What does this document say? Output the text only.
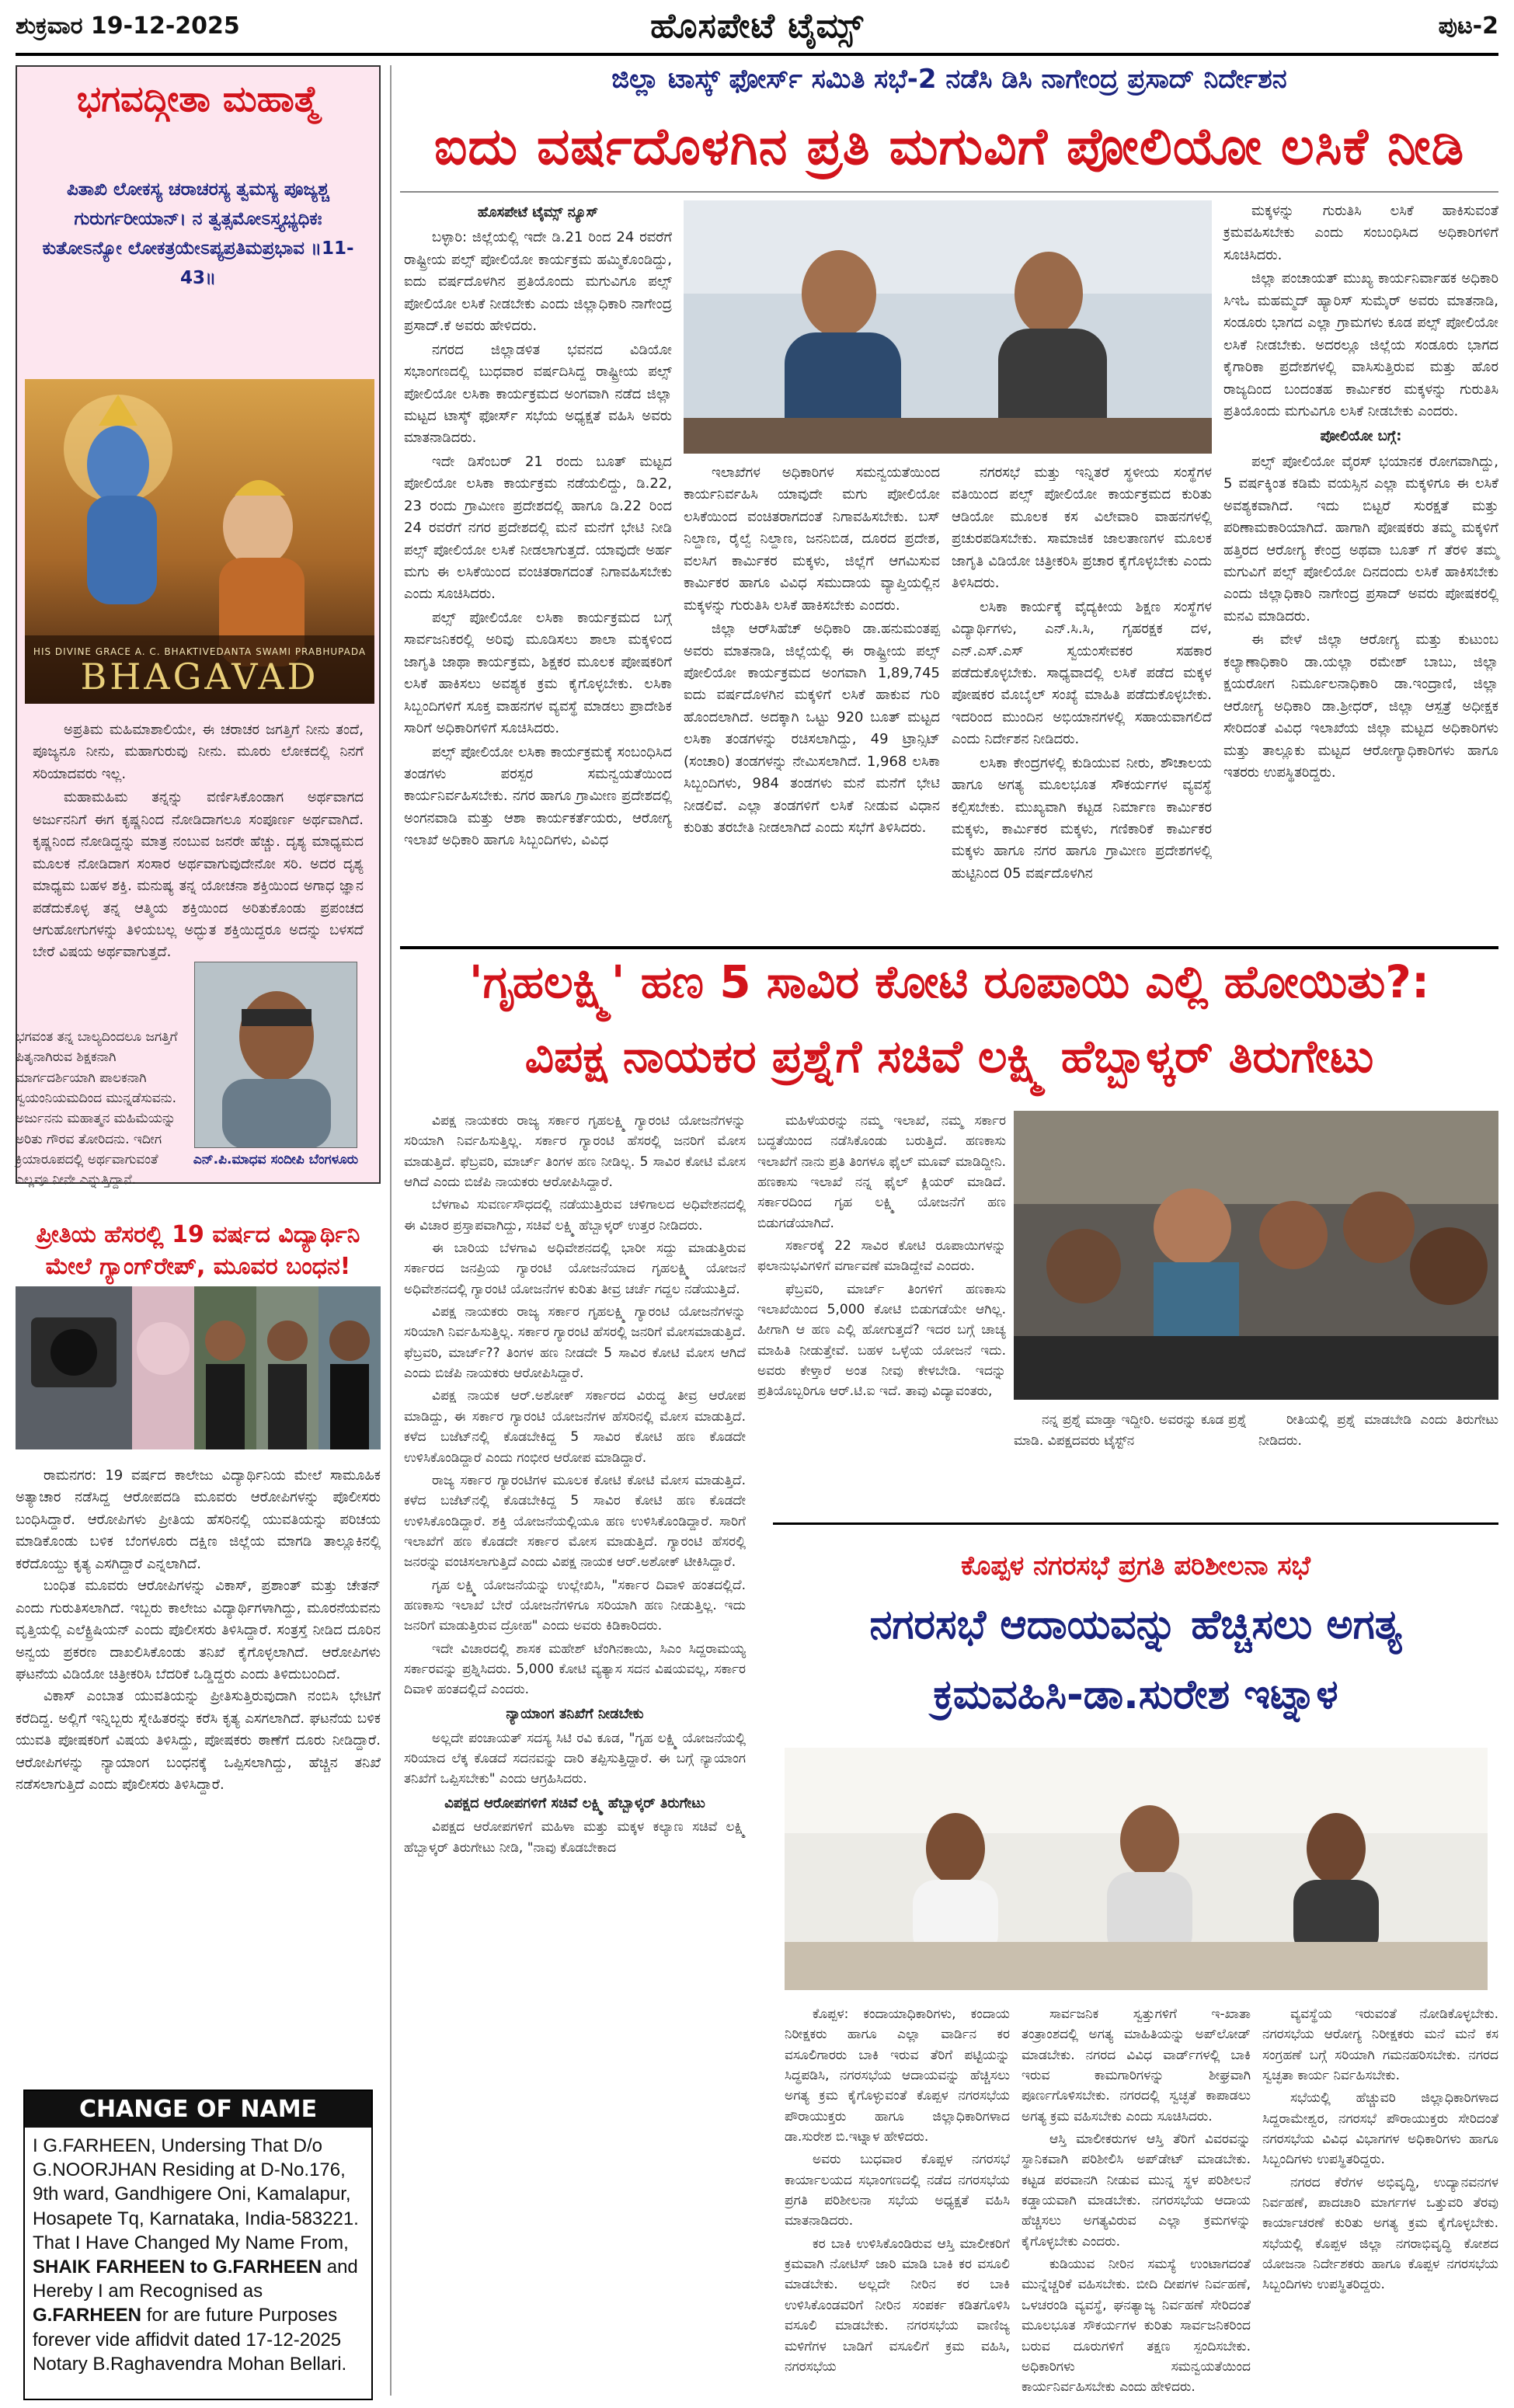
ಶುಕ್ರವಾರ 19-12-2025	ಹೊಸಪೇಟೆ ಟೈಮ್ಸ್	ಪುಟ-2
ಭಗವದ್ಗೀತಾ ಮಹಾತ್ಮೆ
ಪಿತಾಖಿ ಲೋಕಸ್ಯ ಚರಾಚರಸ್ಯ ತ್ವಮಸ್ಯ ಪೂಜ್ಯಶ್ಚ ಗುರುರ್ಗರೀಯಾನ್। ನ ತ್ವತ್ಸಮೋಽಸ್ತ್ಯಭ್ಯಧಿಕಃ ಕುತೋಽನ್ಯೋ ಲೋಕತ್ರಯೇಽಪ್ಯಪ್ರತಿಮಪ್ರಭಾವ ॥11-43॥
HIS DIVINE GRACE A. C. BHAKTIVEDANTA SWAMI PRABHUPADA
BHAGAVAD

ಅಪ್ರತಿಮ ಮಹಿಮಾಶಾಲಿಯೇ, ಈ ಚರಾಚರ ಜಗತ್ತಿಗೆ ನೀನು ತಂದೆ, ಪೂಜ್ಯನೂ ನೀನು, ಮಹಾಗುರುವು ನೀನು. ಮೂರು ಲೋಕದಲ್ಲಿ ನಿನಗೆ ಸರಿಯಾದವರು ಇಲ್ಲ.

ಮಹಾಮಹಿಮ ತನ್ನನ್ನು ವರ್ಣಿಸಿಕೊಂಡಾಗ ಅರ್ಥವಾಗದ ಅರ್ಜುನನಿಗೆ ಈಗ ಕೃಷ್ಣನಿಂದ ನೋಡಿದಾಗಲೂ ಸಂಪೂರ್ಣ ಅರ್ಥವಾಗಿದೆ. ಕೃಷ್ಣನಿಂದ ನೋಡಿದ್ದನ್ನು ಮಾತ್ರ ನಂಬುವ ಜನರೇ ಹೆಚ್ಚು. ದೃಶ್ಯ ಮಾಧ್ಯಮದ ಮೂಲಕ ನೋಡಿದಾಗ ಸಂಸಾರ ಅರ್ಥವಾಗುವುದೇನೋ ಸರಿ. ಅದರ ದೃಶ್ಯ ಮಾಧ್ಯಮ ಬಹಳ ಶಕ್ತಿ. ಮನುಷ್ಯ ತನ್ನ ಯೋಚನಾ ಶಕ್ತಿಯಿಂದ ಅಗಾಧ ಜ್ಞಾನ ಪಡೆದುಕೊಳ್ಳ ತನ್ನ ಆತ್ಮಿಯ ಶಕ್ತಿಯಿಂದ ಅರಿತುಕೊಂಡು ಪ್ರಪಂಚದ ಆಗುಹೋಗುಗಳನ್ನು ತಿಳಿಯಬಲ್ಲ ಅದ್ಭುತ ಶಕ್ತಿಯಿದ್ದರೂ ಅದನ್ನು ಬಳಸದೆ ಬೇರೆ ವಿಷಯ ಅರ್ಥವಾಗುತ್ತದೆ.

ಭಗವಂತ ತನ್ನ ಬಾಲ್ಯದಿಂದಲೂ ಜಗತ್ತಿಗೆ ಪಿತೃನಾಗಿರುವ ಶಿಕ್ಷಕನಾಗಿ ಮಾರ್ಗದರ್ಶಿಯಾಗಿ ಪಾಲಕನಾಗಿ ಸ್ವಯಂನಿಯಮದಿಂದ ಮುನ್ನಡೆಸುವನು. ಅರ್ಜುನನು ಮಹಾತ್ಮನ ಮಹಿಮೆಯನ್ನು ಅರಿತು ಗೌರವ ತೋರಿದನು. ಇದೀಗ ಕ್ರಿಯಾರೂಪದಲ್ಲಿ ಅರ್ಥವಾಗುವಂತೆ ಎಲ್ಲವೂ ನೀನೇ ಎನ್ನುತ್ತಿದ್ದಾನೆ.
ಎನ್.ಪಿ.ಮಾಧವ ಸಂದೀಪಿ ಬೆಂಗಳೂರು
ಪ್ರೀತಿಯ ಹೆಸರಲ್ಲಿ 19 ವರ್ಷದ ವಿದ್ಯಾರ್ಥಿನಿ ಮೇಲೆ ಗ್ಯಾಂಗ್‌ರೇಪ್, ಮೂವರ ಬಂಧನ!

ರಾಮನಗರ: 19 ವರ್ಷದ ಕಾಲೇಜು ವಿದ್ಯಾರ್ಥಿನಿಯ ಮೇಲೆ ಸಾಮೂಹಿಕ ಅತ್ಯಾಚಾರ ನಡೆಸಿದ್ದ ಆರೋಪದಡಿ ಮೂವರು ಆರೋಪಿಗಳನ್ನು ಪೊಲೀಸರು ಬಂಧಿಸಿದ್ದಾರೆ. ಆರೋಪಿಗಳು ಪ್ರೀತಿಯ ಹೆಸರಿನಲ್ಲಿ ಯುವತಿಯನ್ನು ಪರಿಚಯ ಮಾಡಿಕೊಂಡು ಬಳಿಕ ಬೆಂಗಳೂರು ದಕ್ಷಿಣ ಜಿಲ್ಲೆಯ ಮಾಗಡಿ ತಾಲ್ಲೂಕಿನಲ್ಲಿ ಕರೆದೊಯ್ದು ಕೃತ್ಯ ಎಸಗಿದ್ದಾರೆ ಎನ್ನಲಾಗಿದೆ.

ಬಂಧಿತ ಮೂವರು ಆರೋಪಿಗಳನ್ನು ವಿಕಾಸ್, ಪ್ರಶಾಂತ್ ಮತ್ತು ಚೇತನ್ ಎಂದು ಗುರುತಿಸಲಾಗಿದೆ. ಇಬ್ಬರು ಕಾಲೇಜು ವಿದ್ಯಾರ್ಥಿಗಳಾಗಿದ್ದು, ಮೂರನೆಯವನು ವೃತ್ತಿಯಲ್ಲಿ ಎಲೆಕ್ಟ್ರಿಷಿಯನ್ ಎಂದು ಪೊಲೀಸರು ತಿಳಿಸಿದ್ದಾರೆ. ಸಂತ್ರಸ್ತೆ ನೀಡಿದ ದೂರಿನ ಅನ್ವಯ ಪ್ರಕರಣ ದಾಖಲಿಸಿಕೊಂಡು ತನಿಖೆ ಕೈಗೊಳ್ಳಲಾಗಿದೆ. ಆರೋಪಿಗಳು ಘಟನೆಯ ವಿಡಿಯೋ ಚಿತ್ರೀಕರಿಸಿ ಬೆದರಿಕೆ ಒಡ್ಡಿದ್ದರು ಎಂದು ತಿಳಿದುಬಂದಿದೆ.

ವಿಕಾಸ್ ಎಂಬಾತ ಯುವತಿಯನ್ನು ಪ್ರೀತಿಸುತ್ತಿರುವುದಾಗಿ ನಂಬಿಸಿ ಭೇಟಿಗೆ ಕರೆದಿದ್ದ. ಅಲ್ಲಿಗೆ ಇನ್ನಿಬ್ಬರು ಸ್ನೇಹಿತರನ್ನು ಕರೆಸಿ ಕೃತ್ಯ ಎಸಗಲಾಗಿದೆ. ಘಟನೆಯ ಬಳಿಕ ಯುವತಿ ಪೋಷಕರಿಗೆ ವಿಷಯ ತಿಳಿಸಿದ್ದು, ಪೋಷಕರು ಠಾಣೆಗೆ ದೂರು ನೀಡಿದ್ದಾರೆ. ಆರೋಪಿಗಳನ್ನು ನ್ಯಾಯಾಂಗ ಬಂಧನಕ್ಕೆ ಒಪ್ಪಿಸಲಾಗಿದ್ದು, ಹೆಚ್ಚಿನ ತನಿಖೆ ನಡೆಸಲಾಗುತ್ತಿದೆ ಎಂದು ಪೊಲೀಸರು ತಿಳಿಸಿದ್ದಾರೆ.

CHANGE OF NAME
I G.FARHEEN, Undersing That D/o G.NOORJHAN Residing at D-No.176, 9th ward, Gandhigere Oni, Kamalapur, Hosapete Tq, Karnataka, India-583221. That I Have Changed My Name From, SHAIK FARHEEN to G.FARHEEN and Hereby I am Recognised as G.FARHEEN for are future Purposes forever vide affidvit dated 17-12-2025 Notary B.Raghavendra Mohan Bellari.
ಜಿಲ್ಲಾ ಟಾಸ್ಕ್ ಫೋರ್ಸ್ ಸಮಿತಿ ಸಭೆ-2 ನಡೆಸಿ ಡಿಸಿ ನಾಗೇಂದ್ರ ಪ್ರಸಾದ್ ನಿರ್ದೇಶನ
ಐದು ವರ್ಷದೊಳಗಿನ ಪ್ರತಿ ಮಗುವಿಗೆ ಪೋಲಿಯೋ ಲಸಿಕೆ ನೀಡಿ
ಹೊಸಪೇಟೆ ಟೈಮ್ಸ್ ನ್ಯೂಸ್

ಬಳ್ಳಾರಿ: ಜಿಲ್ಲೆಯಲ್ಲಿ ಇದೇ ಡಿ.21 ರಿಂದ 24 ರವರೆಗೆ ರಾಷ್ಟ್ರೀಯ ಪಲ್ಸ್ ಪೋಲಿಯೋ ಕಾರ್ಯಕ್ರಮ ಹಮ್ಮಿಕೊಂಡಿದ್ದು, ಐದು ವರ್ಷದೊಳಗಿನ ಪ್ರತಿಯೊಂದು ಮಗುವಿಗೂ ಪಲ್ಸ್ ಪೋಲಿಯೋ ಲಸಿಕೆ ನೀಡಬೇಕು ಎಂದು ಜಿಲ್ಲಾಧಿಕಾರಿ ನಾಗೇಂದ್ರ ಪ್ರಸಾದ್.ಕೆ ಅವರು ಹೇಳಿದರು.

ನಗರದ ಜಿಲ್ಲಾಡಳಿತ ಭವನದ ವಿಡಿಯೋ ಸಭಾಂಗಣದಲ್ಲಿ ಬುಧವಾರ ವರ್ಷದಿಸಿದ್ದ ರಾಷ್ಟ್ರೀಯ ಪಲ್ಸ್ ಪೋಲಿಯೋ ಲಸಿಕಾ ಕಾರ್ಯಕ್ರಮದ ಅಂಗವಾಗಿ ನಡೆದ ಜಿಲ್ಲಾ ಮಟ್ಟದ ಟಾಸ್ಕ್ ಫೋರ್ಸ್ ಸಭೆಯ ಅಧ್ಯಕ್ಷತೆ ವಹಿಸಿ ಅವರು ಮಾತನಾಡಿದರು.

ಇದೇ ಡಿಸೆಂಬರ್ 21 ರಂದು ಬೂತ್ ಮಟ್ಟದ ಪೋಲಿಯೋ ಲಸಿಕಾ ಕಾರ್ಯಕ್ರಮ ನಡೆಯಲಿದ್ದು, ಡಿ.22, 23 ರಂದು ಗ್ರಾಮೀಣ ಪ್ರದೇಶದಲ್ಲಿ ಹಾಗೂ ಡಿ.22 ರಿಂದ 24 ರವರೆಗೆ ನಗರ ಪ್ರದೇಶದಲ್ಲಿ ಮನೆ ಮನೆಗೆ ಭೇಟಿ ನೀಡಿ ಪಲ್ಸ್ ಪೋಲಿಯೋ ಲಸಿಕೆ ನೀಡಲಾಗುತ್ತದೆ. ಯಾವುದೇ ಅರ್ಹ ಮಗು ಈ ಲಸಿಕೆಯಿಂದ ವಂಚಿತರಾಗದಂತೆ ನಿಗಾವಹಿಸಬೇಕು ಎಂದು ಸೂಚಿಸಿದರು.

ಪಲ್ಸ್ ಪೋಲಿಯೋ ಲಸಿಕಾ ಕಾರ್ಯಕ್ರಮದ ಬಗ್ಗೆ ಸಾರ್ವಜನಿಕರಲ್ಲಿ ಅರಿವು ಮೂಡಿಸಲು ಶಾಲಾ ಮಕ್ಕಳಿಂದ ಜಾಗೃತಿ ಜಾಥಾ ಕಾರ್ಯಕ್ರಮ, ಶಿಕ್ಷಕರ ಮೂಲಕ ಪೋಷಕರಿಗೆ ಲಸಿಕೆ ಹಾಕಿಸಲು ಅವಶ್ಯಕ ಕ್ರಮ ಕೈಗೊಳ್ಳಬೇಕು. ಲಸಿಕಾ ಸಿಬ್ಬಂದಿಗಳಿಗೆ ಸೂಕ್ತ ವಾಹನಗಳ ವ್ಯವಸ್ಥೆ ಮಾಡಲು ಪ್ರಾದೇಶಿಕ ಸಾರಿಗೆ ಅಧಿಕಾರಿಗಳಿಗೆ ಸೂಚಿಸಿದರು.

ಪಲ್ಸ್ ಪೋಲಿಯೋ ಲಸಿಕಾ ಕಾರ್ಯಕ್ರಮಕ್ಕೆ ಸಂಬಂಧಿಸಿದ ತಂಡಗಳು ಪರಸ್ಪರ ಸಮನ್ವಯತೆಯಿಂದ ಕಾರ್ಯನಿರ್ವಹಿಸಬೇಕು. ನಗರ ಹಾಗೂ ಗ್ರಾಮೀಣ ಪ್ರದೇಶದಲ್ಲಿ ಅಂಗನವಾಡಿ ಮತ್ತು ಆಶಾ ಕಾರ್ಯಕರ್ತೆಯರು, ಆರೋಗ್ಯ ಇಲಾಖೆ ಅಧಿಕಾರಿ ಹಾಗೂ ಸಿಬ್ಬಂದಿಗಳು, ವಿವಿಧ

ಇಲಾಖೆಗಳ ಅಧಿಕಾರಿಗಳ ಸಮನ್ವಯತೆಯಿಂದ ಕಾರ್ಯನಿರ್ವಹಿಸಿ ಯಾವುದೇ ಮಗು ಪೋಲಿಯೋ ಲಸಿಕೆಯಿಂದ ವಂಚಿತರಾಗದಂತೆ ನಿಗಾವಹಿಸಬೇಕು. ಬಸ್ ನಿಲ್ದಾಣ, ರೈಲ್ವೆ ನಿಲ್ದಾಣ, ಜನನಿಬಿಡ, ದೂರದ ಪ್ರದೇಶ, ವಲಸಿಗ ಕಾರ್ಮಿಕರ ಮಕ್ಕಳು, ಜಿಲ್ಲೆಗೆ ಆಗಮಿಸುವ ಕಾರ್ಮಿಕರ ಹಾಗೂ ವಿವಿಧ ಸಮುದಾಯ ವ್ಯಾಪ್ತಿಯಲ್ಲಿನ ಮಕ್ಕಳನ್ನು ಗುರುತಿಸಿ ಲಸಿಕೆ ಹಾಕಿಸಬೇಕು ಎಂದರು.

ಜಿಲ್ಲಾ ಆರ್‌ಸಿಹೆಚ್ ಅಧಿಕಾರಿ ಡಾ.ಹನುಮಂತಪ್ಪ ಅವರು ಮಾತನಾಡಿ, ಜಿಲ್ಲೆಯಲ್ಲಿ ಈ ರಾಷ್ಟ್ರೀಯ ಪಲ್ಸ್ ಪೋಲಿಯೋ ಕಾರ್ಯಕ್ರಮದ ಅಂಗವಾಗಿ 1,89,745 ಐದು ವರ್ಷದೊಳಗಿನ ಮಕ್ಕಳಿಗೆ ಲಸಿಕೆ ಹಾಕುವ ಗುರಿ ಹೊಂದಲಾಗಿದೆ. ಅದಕ್ಕಾಗಿ ಒಟ್ಟು 920 ಬೂತ್ ಮಟ್ಟದ ಲಸಿಕಾ ತಂಡಗಳನ್ನು ರಚಿಸಲಾಗಿದ್ದು, 49 ಟ್ರಾನ್ಸಿಟ್ (ಸಂಚಾರಿ) ತಂಡಗಳನ್ನು ನೇಮಿಸಲಾಗಿದೆ. 1,968 ಲಸಿಕಾ ಸಿಬ್ಬಂದಿಗಳು, 984 ತಂಡಗಳು ಮನೆ ಮನೆಗೆ ಭೇಟಿ ನೀಡಲಿವೆ. ಎಲ್ಲಾ ತಂಡಗಳಿಗೆ ಲಸಿಕೆ ನೀಡುವ ವಿಧಾನ ಕುರಿತು ತರಬೇತಿ ನೀಡಲಾಗಿದೆ ಎಂದು ಸಭೆಗೆ ತಿಳಿಸಿದರು.

ನಗರಸಭೆ ಮತ್ತು ಇನ್ನಿತರೆ ಸ್ಥಳೀಯ ಸಂಸ್ಥೆಗಳ ವತಿಯಿಂದ ಪಲ್ಸ್ ಪೋಲಿಯೋ ಕಾರ್ಯಕ್ರಮದ ಕುರಿತು ಆಡಿಯೋ ಮೂಲಕ ಕಸ ವಿಲೇವಾರಿ ವಾಹನಗಳಲ್ಲಿ ಪ್ರಚುರಪಡಿಸಬೇಕು. ಸಾಮಾಜಿಕ ಜಾಲತಾಣಗಳ ಮೂಲಕ ಜಾಗೃತಿ ವಿಡಿಯೋ ಚಿತ್ರೀಕರಿಸಿ ಪ್ರಚಾರ ಕೈಗೊಳ್ಳಬೇಕು ಎಂದು ತಿಳಿಸಿದರು.

ಲಸಿಕಾ ಕಾರ್ಯಕ್ಕೆ ವೈದ್ಯಕೀಯ ಶಿಕ್ಷಣ ಸಂಸ್ಥೆಗಳ ವಿದ್ಯಾರ್ಥಿಗಳು, ಎನ್.ಸಿ.ಸಿ, ಗೃಹರಕ್ಷಕ ದಳ, ಎನ್.ಎಸ್.ಎಸ್ ಸ್ವಯಂಸೇವಕರ ಸಹಕಾರ ಪಡೆದುಕೊಳ್ಳಬೇಕು. ಸಾಧ್ಯವಾದಲ್ಲಿ ಲಸಿಕೆ ಪಡೆದ ಮಕ್ಕಳ ಪೋಷಕರ ಮೊಬೈಲ್ ಸಂಖ್ಯೆ ಮಾಹಿತಿ ಪಡೆದುಕೊಳ್ಳಬೇಕು. ಇದರಿಂದ ಮುಂದಿನ ಅಭಿಯಾನಗಳಲ್ಲಿ ಸಹಾಯವಾಗಲಿದೆ ಎಂದು ನಿರ್ದೇಶನ ನೀಡಿದರು.

ಲಸಿಕಾ ಕೇಂದ್ರಗಳಲ್ಲಿ ಕುಡಿಯುವ ನೀರು, ಶೌಚಾಲಯ ಹಾಗೂ ಅಗತ್ಯ ಮೂಲಭೂತ ಸೌಕರ್ಯಗಳ ವ್ಯವಸ್ಥೆ ಕಲ್ಪಿಸಬೇಕು. ಮುಖ್ಯವಾಗಿ ಕಟ್ಟಡ ನಿರ್ಮಾಣ ಕಾರ್ಮಿಕರ ಮಕ್ಕಳು, ಕಾರ್ಮಿಕರ ಮಕ್ಕಳು, ಗಣಿಕಾರಿಕೆ ಕಾರ್ಮಿಕರ ಮಕ್ಕಳು ಹಾಗೂ ನಗರ ಹಾಗೂ ಗ್ರಾಮೀಣ ಪ್ರದೇಶಗಳಲ್ಲಿ ಹುಟ್ಟಿನಿಂದ 05 ವರ್ಷದೊಳಗಿನ

ಮಕ್ಕಳನ್ನು ಗುರುತಿಸಿ ಲಸಿಕೆ ಹಾಕಿಸುವಂತೆ ಕ್ರಮವಹಿಸಬೇಕು ಎಂದು ಸಂಬಂಧಿಸಿದ ಅಧಿಕಾರಿಗಳಿಗೆ ಸೂಚಿಸಿದರು.

ಜಿಲ್ಲಾ ಪಂಚಾಯತ್ ಮುಖ್ಯ ಕಾರ್ಯನಿರ್ವಾಹಕ ಅಧಿಕಾರಿ ಸಿಇಓ ಮಹಮ್ಮದ್ ಹ್ಯಾರಿಸ್ ಸುಮೈರ್ ಅವರು ಮಾತನಾಡಿ, ಸಂಡೂರು ಭಾಗದ ಎಲ್ಲಾ ಗ್ರಾಮಗಳು ಕೂಡ ಪಲ್ಸ್ ಪೋಲಿಯೋ ಲಸಿಕೆ ನೀಡಬೇಕು. ಅದರಲ್ಲೂ ಜಿಲ್ಲೆಯ ಸಂಡೂರು ಭಾಗದ ಕೈಗಾರಿಕಾ ಪ್ರದೇಶಗಳಲ್ಲಿ ವಾಸಿಸುತ್ತಿರುವ ಮತ್ತು ಹೊರ ರಾಜ್ಯದಿಂದ ಬಂದಂತಹ ಕಾರ್ಮಿಕರ ಮಕ್ಕಳನ್ನು ಗುರುತಿಸಿ ಪ್ರತಿಯೊಂದು ಮಗುವಿಗೂ ಲಸಿಕೆ ನೀಡಬೇಕು ಎಂದರು.

ಪೋಲಿಯೋ ಬಗ್ಗೆ:

ಪಲ್ಸ್ ಪೋಲಿಯೋ ವೈರಸ್ ಭಯಾನಕ ರೋಗವಾಗಿದ್ದು, 5 ವರ್ಷಕ್ಕಿಂತ ಕಡಿಮೆ ವಯಸ್ಸಿನ ಎಲ್ಲಾ ಮಕ್ಕಳಿಗೂ ಈ ಲಸಿಕೆ ಅವಶ್ಯಕವಾಗಿದೆ. ಇದು ಬಿಟ್ಟರೆ ಸುರಕ್ಷತೆ ಮತ್ತು ಪರಿಣಾಮಕಾರಿಯಾಗಿದೆ. ಹಾಗಾಗಿ ಪೋಷಕರು ತಮ್ಮ ಮಕ್ಕಳಿಗೆ ಹತ್ತಿರದ ಆರೋಗ್ಯ ಕೇಂದ್ರ ಅಥವಾ ಬೂತ್ ಗೆ ತೆರಳಿ ತಮ್ಮ ಮಗುವಿಗೆ ಪಲ್ಸ್ ಪೋಲಿಯೋ ದಿನದಂದು ಲಸಿಕೆ ಹಾಕಿಸಬೇಕು ಎಂದು ಜಿಲ್ಲಾಧಿಕಾರಿ ನಾಗೇಂದ್ರ ಪ್ರಸಾದ್ ಅವರು ಪೋಷಕರಲ್ಲಿ ಮನವಿ ಮಾಡಿದರು.

ಈ ವೇಳೆ ಜಿಲ್ಲಾ ಆರೋಗ್ಯ ಮತ್ತು ಕುಟುಂಬ ಕಲ್ಯಾಣಾಧಿಕಾರಿ ಡಾ.ಯಲ್ಲಾ ರಮೇಶ್ ಬಾಬು, ಜಿಲ್ಲಾ ಕ್ಷಯರೋಗ ನಿರ್ಮೂಲನಾಧಿಕಾರಿ ಡಾ.ಇಂದ್ರಾಣಿ, ಜಿಲ್ಲಾ ಆರೋಗ್ಯ ಅಧಿಕಾರಿ ಡಾ.ಶ್ರೀಧರ್, ಜಿಲ್ಲಾ ಆಸ್ಪತ್ರೆ ಅಧೀಕ್ಷಕ ಸೇರಿದಂತೆ ವಿವಿಧ ಇಲಾಖೆಯ ಜಿಲ್ಲಾ ಮಟ್ಟದ ಅಧಿಕಾರಿಗಳು ಮತ್ತು ತಾಲ್ಲೂಕು ಮಟ್ಟದ ಆರೋಗ್ಯಾಧಿಕಾರಿಗಳು ಹಾಗೂ ಇತರರು ಉಪಸ್ಥಿತರಿದ್ದರು.

'ಗೃಹಲಕ್ಷ್ಮಿ' ಹಣ 5 ಸಾವಿರ ಕೋಟಿ ರೂಪಾಯಿ ಎಲ್ಲಿ ಹೋಯಿತು?:
ವಿಪಕ್ಷ ನಾಯಕರ ಪ್ರಶ್ನೆಗೆ ಸಚಿವೆ ಲಕ್ಷ್ಮಿ ಹೆಬ್ಬಾಳ್ಕರ್ ತಿರುಗೇಟು

ವಿಪಕ್ಷ ನಾಯಕರು ರಾಜ್ಯ ಸರ್ಕಾರ ಗೃಹಲಕ್ಷ್ಮಿ ಗ್ಯಾರಂಟಿ ಯೋಜನೆಗಳನ್ನು ಸರಿಯಾಗಿ ನಿರ್ವಹಿಸುತ್ತಿಲ್ಲ. ಸರ್ಕಾರ ಗ್ಯಾರಂಟಿ ಹೆಸರಲ್ಲಿ ಜನರಿಗೆ ಮೋಸ ಮಾಡುತ್ತಿದೆ. ಫೆಬ್ರವರಿ, ಮಾರ್ಚ್ ತಿಂಗಳ ಹಣ ನೀಡಿಲ್ಲ. 5 ಸಾವಿರ ಕೋಟಿ ಮೋಸ ಆಗಿದೆ ಎಂದು ಬಿಜೆಪಿ ನಾಯಕರು ಆರೋಪಿಸಿದ್ದಾರೆ.

ಬೆಳಗಾವಿ ಸುವರ್ಣಸೌಧದಲ್ಲಿ ನಡೆಯುತ್ತಿರುವ ಚಳಿಗಾಲದ ಅಧಿವೇಶನದಲ್ಲಿ ಈ ವಿಚಾರ ಪ್ರಸ್ತಾಪವಾಗಿದ್ದು, ಸಚಿವೆ ಲಕ್ಷ್ಮಿ ಹೆಬ್ಬಾಳ್ಕರ್ ಉತ್ತರ ನೀಡಿದರು.

ಈ ಬಾರಿಯ ಬೆಳಗಾವಿ ಅಧಿವೇಶನದಲ್ಲಿ ಭಾರೀ ಸದ್ದು ಮಾಡುತ್ತಿರುವ ಸರ್ಕಾರದ ಜನಪ್ರಿಯ ಗ್ಯಾರಂಟಿ ಯೋಜನೆಯಾದ ಗೃಹಲಕ್ಷ್ಮಿ ಯೋಜನೆ ಅಧಿವೇಶನದಲ್ಲಿ ಗ್ಯಾರಂಟಿ ಯೋಜನೆಗಳ ಕುರಿತು ತೀವ್ರ ಚರ್ಚೆ ಗದ್ದಲ ನಡೆಯುತ್ತಿದೆ.

ವಿಪಕ್ಷ ನಾಯಕರು ರಾಜ್ಯ ಸರ್ಕಾರ ಗೃಹಲಕ್ಷ್ಮಿ ಗ್ಯಾರಂಟಿ ಯೋಜನೆಗಳನ್ನು ಸರಿಯಾಗಿ ನಿರ್ವಹಿಸುತ್ತಿಲ್ಲ. ಸರ್ಕಾರ ಗ್ಯಾರಂಟಿ ಹೆಸರಲ್ಲಿ ಜನರಿಗೆ ಮೋಸಮಾಡುತ್ತಿದೆ. ಫೆಬ್ರವರಿ, ಮಾರ್ಚ್?? ತಿಂಗಳ ಹಣ ನೀಡದೇ 5 ಸಾವಿರ ಕೋಟಿ ಮೋಸ ಆಗಿದೆ ಎಂದು ಬಿಜೆಪಿ ನಾಯಕರು ಆರೋಪಿಸಿದ್ದಾರೆ.

ವಿಪಕ್ಷ ನಾಯಕ ಆರ್.ಅಶೋಕ್ ಸರ್ಕಾರದ ವಿರುದ್ಧ ತೀವ್ರ ಆರೋಪ ಮಾಡಿದ್ದು, ಈ ಸರ್ಕಾರ ಗ್ಯಾರಂಟಿ ಯೋಜನೆಗಳ ಹೆಸರಿನಲ್ಲಿ ಮೋಸ ಮಾಡುತ್ತಿದೆ. ಕಳೆದ ಬಜೆಟ್‌ನಲ್ಲಿ ಕೊಡಬೇಕಿದ್ದ 5 ಸಾವಿರ ಕೋಟಿ ಹಣ ಕೊಡದೇ ಉಳಿಸಿಕೊಂಡಿದ್ದಾರೆ ಎಂದು ಗಂಭೀರ ಆರೋಪ ಮಾಡಿದ್ದಾರೆ.

ರಾಜ್ಯ ಸರ್ಕಾರ ಗ್ಯಾರಂಟಿಗಳ ಮೂಲಕ ಕೋಟಿ ಕೋಟಿ ಮೋಸ ಮಾಡುತ್ತಿದೆ. ಕಳೆದ ಬಜೆಟ್‌ನಲ್ಲಿ ಕೊಡಬೇಕಿದ್ದ 5 ಸಾವಿರ ಕೋಟಿ ಹಣ ಕೊಡದೇ ಉಳಿಸಿಕೊಂಡಿದ್ದಾರೆ. ಶಕ್ತಿ ಯೋಜನೆಯಲ್ಲಿಯೂ ಹಣ ಉಳಿಸಿಕೊಂಡಿದ್ದಾರೆ. ಸಾರಿಗೆ ಇಲಾಖೆಗೆ ಹಣ ಕೊಡದೇ ಸರ್ಕಾರ ಮೋಸ ಮಾಡುತ್ತಿದೆ. ಗ್ಯಾರಂಟಿ ಹೆಸರಲ್ಲಿ ಜನರನ್ನು ವಂಚಿಸಲಾಗುತ್ತಿದೆ ಎಂದು ವಿಪಕ್ಷ ನಾಯಕ ಆರ್.ಅಶೋಕ್ ಟೀಕಿಸಿದ್ದಾರೆ.

ಗೃಹ ಲಕ್ಷ್ಮಿ ಯೋಜನೆಯನ್ನು ಉಲ್ಲೇಖಿಸಿ, "ಸರ್ಕಾರ ದಿವಾಳಿ ಹಂತದಲ್ಲಿದೆ. ಹಣಕಾಸು ಇಲಾಖೆ ಬೇರೆ ಯೋಜನೆಗಳಿಗೂ ಸರಿಯಾಗಿ ಹಣ ನೀಡುತ್ತಿಲ್ಲ. ಇದು ಜನರಿಗೆ ಮಾಡುತ್ತಿರುವ ದ್ರೋಹ" ಎಂದು ಅವರು ಕಿಡಿಕಾರಿದರು.

ಇದೇ ವಿಚಾರದಲ್ಲಿ ಶಾಸಕ ಮಹೇಶ್ ಟೆಂಗಿನಕಾಯಿ, ಸಿಎಂ ಸಿದ್ದರಾಮಯ್ಯ ಸರ್ಕಾರವನ್ನು ಪ್ರಶ್ನಿಸಿದರು. 5,000 ಕೋಟಿ ವ್ಯತ್ಯಾಸ ಸದನ ವಿಷಯವಲ್ಲ, ಸರ್ಕಾರ ದಿವಾಳಿ ಹಂತದಲ್ಲಿದೆ ಎಂದರು.

ನ್ಯಾಯಾಂಗ ತನಿಖೆಗೆ ನೀಡಬೇಕು

ಅಲ್ಲದೇ ಪಂಚಾಯತ್ ಸದಸ್ಯ ಸಿಟಿ ರವಿ ಕೂಡ, "ಗೃಹ ಲಕ್ಷ್ಮಿ ಯೋಜನೆಯಲ್ಲಿ ಸರಿಯಾದ ಲೆಕ್ಕ ಕೊಡದೆ ಸದನವನ್ನು ದಾರಿ ತಪ್ಪಿಸುತ್ತಿದ್ದಾರೆ. ಈ ಬಗ್ಗೆ ನ್ಯಾಯಾಂಗ ತನಿಖೆಗೆ ಒಪ್ಪಿಸಬೇಕು" ಎಂದು ಆಗ್ರಹಿಸಿದರು.

ವಿಪಕ್ಷದ ಆರೋಪಗಳಿಗೆ ಸಚಿವೆ ಲಕ್ಷ್ಮಿ ಹೆಬ್ಬಾಳ್ಕರ್ ತಿರುಗೇಟು

ವಿಪಕ್ಷದ ಆರೋಪಗಳಿಗೆ ಮಹಿಳಾ ಮತ್ತು ಮಕ್ಕಳ ಕಲ್ಯಾಣ ಸಚಿವೆ ಲಕ್ಷ್ಮಿ ಹೆಬ್ಬಾಳ್ಕರ್ ತಿರುಗೇಟು ನೀಡಿ, "ನಾವು ಕೊಡಬೇಕಾದ

ಮಹಿಳೆಯರನ್ನು ನಮ್ಮ ಇಲಾಖೆ, ನಮ್ಮ ಸರ್ಕಾರ ಬದ್ಧತೆಯಿಂದ ನಡೆಸಿಕೊಂಡು ಬರುತ್ತಿದೆ. ಹಣಕಾಸು ಇಲಾಖೆಗೆ ನಾನು ಪ್ರತಿ ತಿಂಗಳೂ ಫೈಲ್ ಮೂವ್ ಮಾಡಿದ್ದೀನಿ. ಹಣಕಾಸು ಇಲಾಖೆ ನನ್ನ ಫೈಲ್ ಕ್ಲಿಯರ್ ಮಾಡಿದೆ. ಸರ್ಕಾರದಿಂದ ಗೃಹ ಲಕ್ಷ್ಮಿ ಯೋಜನೆಗೆ ಹಣ ಬಿಡುಗಡೆಯಾಗಿದೆ.

ಸರ್ಕಾರಕ್ಕೆ 22 ಸಾವಿರ ಕೋಟಿ ರೂಪಾಯಿಗಳನ್ನು ಫಲಾನುಭವಿಗಳಿಗೆ ವರ್ಗಾವಣೆ ಮಾಡಿದ್ದೇವೆ ಎಂದರು.

ಫೆಬ್ರವರಿ, ಮಾರ್ಚ್ ತಿಂಗಳಿಗೆ ಹಣಕಾಸು ಇಲಾಖೆಯಿಂದ 5,000 ಕೋಟಿ ಬಿಡುಗಡೆಯೇ ಆಗಿಲ್ಲ. ಹೀಗಾಗಿ ಆ ಹಣ ಎಲ್ಲಿ ಹೋಗುತ್ತದೆ? ಇದರ ಬಗ್ಗೆ ಚಾಚ್ಯ ಮಾಹಿತಿ ನೀಡುತ್ತೇವೆ. ಬಹಳ ಒಳ್ಳೆಯ ಯೋಜನೆ ಇದು. ಅವರು ಕೇಳ್ತಾರೆ ಅಂತ ನೀವು ಕೇಳಬೇಡಿ. ಇದನ್ನು ಪ್ರತಿಯೊಬ್ಬರಿಗೂ ಆರ್.ಟಿ.ಐ ಇದೆ. ತಾವು ವಿದ್ಯಾವಂತರು,

ನನ್ನ ಪ್ರಶ್ನೆ ಮಾಡ್ತಾ ಇದ್ದೀರಿ. ಅವರನ್ನು ಕೂಡ ಪ್ರಶ್ನೆ ಮಾಡಿ. ವಿಪಕ್ಷದವರು ಟೈಸ್ಟ್‌ನ

ರೀತಿಯಲ್ಲಿ ಪ್ರಶ್ನೆ ಮಾಡಬೇಡಿ ಎಂದು ತಿರುಗೇಟು ನೀಡಿದರು.

ಕೊಪ್ಪಳ ನಗರಸಭೆ ಪ್ರಗತಿ ಪರಿಶೀಲನಾ ಸಭೆ
ನಗರಸಭೆ ಆದಾಯವನ್ನು ಹೆಚ್ಚಿಸಲು ಅಗತ್ಯ
ಕ್ರಮವಹಿಸಿ-ಡಾ.ಸುರೇಶ ಇಟ್ನಾಳ

ಕೊಪ್ಪಳ: ಕಂದಾಯಾಧಿಕಾರಿಗಳು, ಕಂದಾಯ ನಿರೀಕ್ಷಕರು ಹಾಗೂ ಎಲ್ಲಾ ವಾರ್ಡಿನ ಕರ ವಸೂಲಿಗಾರರು ಬಾಕಿ ಇರುವ ತೆರಿಗೆ ಪಟ್ಟಿಯನ್ನು ಸಿದ್ಧಪಡಿಸಿ, ನಗರಸಭೆಯ ಆದಾಯವನ್ನು ಹೆಚ್ಚಿಸಲು ಅಗತ್ಯ ಕ್ರಮ ಕೈಗೊಳ್ಳುವಂತೆ ಕೊಪ್ಪಳ ನಗರಸಭೆಯ ಪೌರಾಯುಕ್ತರು ಹಾಗೂ ಜಿಲ್ಲಾಧಿಕಾರಿಗಳಾದ ಡಾ.ಸುರೇಶ ಬಿ.ಇಟ್ನಾಳ ಹೇಳಿದರು.

ಅವರು ಬುಧವಾರ ಕೊಪ್ಪಳ ನಗರಸಭೆ ಕಾರ್ಯಾಲಯದ ಸಭಾಂಗಣದಲ್ಲಿ ನಡೆದ ನಗರಸಭೆಯ ಪ್ರಗತಿ ಪರಿಶೀಲನಾ ಸಭೆಯ ಅಧ್ಯಕ್ಷತೆ ವಹಿಸಿ ಮಾತನಾಡಿದರು.

ಕರ ಬಾಕಿ ಉಳಿಸಿಕೊಂಡಿರುವ ಆಸ್ತಿ ಮಾಲೀಕರಿಗೆ ಕ್ರಮವಾಗಿ ನೋಟಿಸ್ ಜಾರಿ ಮಾಡಿ ಬಾಕಿ ಕರ ವಸೂಲಿ ಮಾಡಬೇಕು. ಅಲ್ಲದೇ ನೀರಿನ ಕರ ಬಾಕಿ ಉಳಿಸಿಕೊಂಡವರಿಗೆ ನೀರಿನ ಸಂಪರ್ಕ ಕಡಿತಗೊಳಿಸಿ ವಸೂಲಿ ಮಾಡಬೇಕು. ನಗರಸಭೆಯ ವಾಣಿಜ್ಯ ಮಳಿಗೆಗಳ ಬಾಡಿಗೆ ವಸೂಲಿಗೆ ಕ್ರಮ ವಹಿಸಿ, ನಗರಸಭೆಯ

ಸಾರ್ವಜನಿಕ ಸ್ವತ್ತುಗಳಿಗೆ ಇ-ಖಾತಾ ತಂತ್ರಾಂಶದಲ್ಲಿ ಅಗತ್ಯ ಮಾಹಿತಿಯನ್ನು ಅಪ್‌ಲೋಡ್ ಮಾಡಬೇಕು. ನಗರದ ವಿವಿಧ ವಾರ್ಡ್‌ಗಳಲ್ಲಿ ಬಾಕಿ ಇರುವ ಕಾಮಗಾರಿಗಳನ್ನು ಶೀಘ್ರವಾಗಿ ಪೂರ್ಣಗೊಳಿಸಬೇಕು. ನಗರದಲ್ಲಿ ಸ್ವಚ್ಛತೆ ಕಾಪಾಡಲು ಅಗತ್ಯ ಕ್ರಮ ವಹಿಸಬೇಕು ಎಂದು ಸೂಚಿಸಿದರು.

ಆಸ್ತಿ ಮಾಲೀಕರುಗಳ ಆಸ್ತಿ ತೆರಿಗೆ ವಿವರವನ್ನು ಸ್ಥಾನಿಕವಾಗಿ ಪರಿಶೀಲಿಸಿ ಅಪ್‌ಡೇಟ್ ಮಾಡಬೇಕು. ಕಟ್ಟಡ ಪರವಾನಗಿ ನೀಡುವ ಮುನ್ನ ಸ್ಥಳ ಪರಿಶೀಲನೆ ಕಡ್ಡಾಯವಾಗಿ ಮಾಡಬೇಕು. ನಗರಸಭೆಯ ಆದಾಯ ಹೆಚ್ಚಿಸಲು ಅಗತ್ಯವಿರುವ ಎಲ್ಲಾ ಕ್ರಮಗಳನ್ನು ಕೈಗೊಳ್ಳಬೇಕು ಎಂದರು.

ಕುಡಿಯುವ ನೀರಿನ ಸಮಸ್ಯೆ ಉಂಟಾಗದಂತೆ ಮುನ್ನೆಚ್ಚರಿಕೆ ವಹಿಸಬೇಕು. ಬೀದಿ ದೀಪಗಳ ನಿರ್ವಹಣೆ, ಒಳಚರಂಡಿ ವ್ಯವಸ್ಥೆ, ಘನತ್ಯಾಜ್ಯ ನಿರ್ವಹಣೆ ಸೇರಿದಂತೆ ಮೂಲಭೂತ ಸೌಕರ್ಯಗಳ ಕುರಿತು ಸಾರ್ವಜನಿಕರಿಂದ ಬರುವ ದೂರುಗಳಿಗೆ ತಕ್ಷಣ ಸ್ಪಂದಿಸಬೇಕು. ಅಧಿಕಾರಿಗಳು ಸಮನ್ವಯತೆಯಿಂದ ಕಾರ್ಯನಿರ್ವಹಿಸಬೇಕು ಎಂದು ಹೇಳಿದರು.

ವ್ಯವಸ್ಥೆಯ ಇರುವಂತೆ ನೋಡಿಕೊಳ್ಳಬೇಕು. ನಗರಸಭೆಯ ಆರೋಗ್ಯ ನಿರೀಕ್ಷಕರು ಮನೆ ಮನೆ ಕಸ ಸಂಗ್ರಹಣೆ ಬಗ್ಗೆ ಸರಿಯಾಗಿ ಗಮನಹರಿಸಬೇಕು. ನಗರದ ಸ್ವಚ್ಛತಾ ಕಾರ್ಯ ನಿರ್ವಹಿಸಬೇಕು.

ಸಭೆಯಲ್ಲಿ ಹೆಚ್ಚುವರಿ ಜಿಲ್ಲಾಧಿಕಾರಿಗಳಾದ ಸಿದ್ದರಾಮೇಶ್ವರ, ನಗರಸಭೆ ಪೌರಾಯುಕ್ತರು ಸೇರಿದಂತೆ ನಗರಸಭೆಯ ವಿವಿಧ ವಿಭಾಗಗಳ ಅಧಿಕಾರಿಗಳು ಹಾಗೂ ಸಿಬ್ಬಂದಿಗಳು ಉಪಸ್ಥಿತರಿದ್ದರು.

ನಗರದ ಕೆರೆಗಳ ಅಭಿವೃದ್ಧಿ, ಉದ್ಯಾನವನಗಳ ನಿರ್ವಹಣೆ, ಪಾದಚಾರಿ ಮಾರ್ಗಗಳ ಒತ್ತುವರಿ ತೆರವು ಕಾರ್ಯಾಚರಣೆ ಕುರಿತು ಅಗತ್ಯ ಕ್ರಮ ಕೈಗೊಳ್ಳಬೇಕು. ಸಭೆಯಲ್ಲಿ ಕೊಪ್ಪಳ ಜಿಲ್ಲಾ ನಗರಾಭಿವೃದ್ಧಿ ಕೋಶದ ಯೋಜನಾ ನಿರ್ದೇಶಕರು ಹಾಗೂ ಕೊಪ್ಪಳ ನಗರಸಭೆಯ ಸಿಬ್ಬಂದಿಗಳು ಉಪಸ್ಥಿತರಿದ್ದರು.
